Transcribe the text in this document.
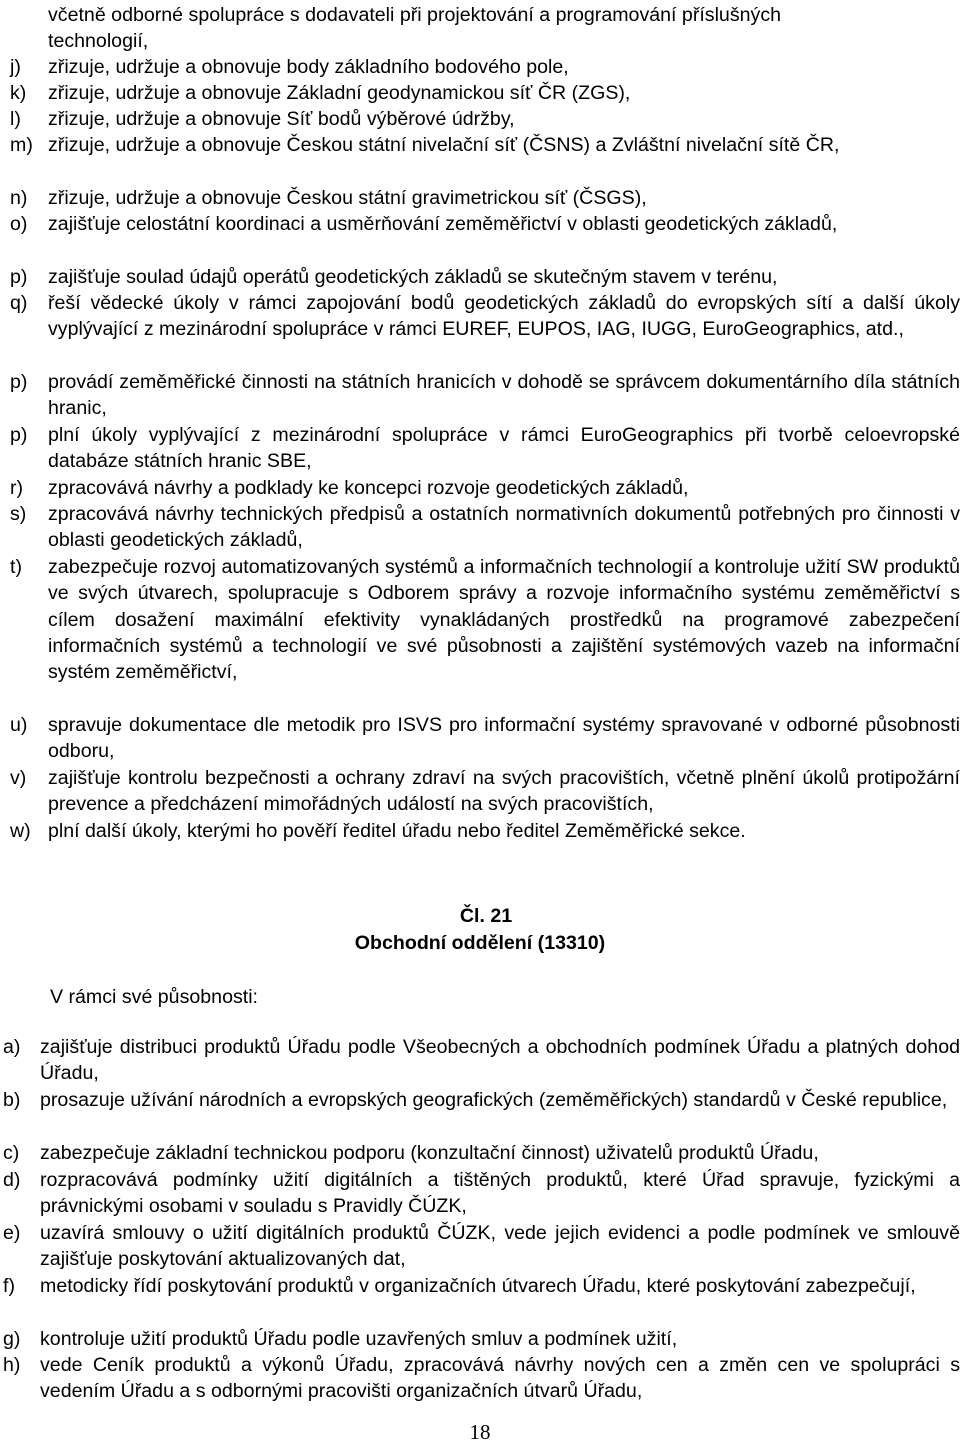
včetně odborné spolupráce s dodavateli při projektování a programování příslušných
technologií,
j) zřizuje, udržuje a obnovuje body základního bodového pole,
k) zřizuje, udržuje a obnovuje Základní geodynamickou síť ČR (ZGS),
l) zřizuje, udržuje a obnovuje Síť bodů výběrové údržby,
m) zřizuje, udržuje a obnovuje Českou státní nivelační síť (ČSNS) a Zvláštní nivelační sítě ČR,
n) zřizuje, udržuje a obnovuje Českou státní gravimetrickou síť (ČSGS),
o) zajišťuje celostátní koordinaci a usměrňování zeměměřictví v oblasti geodetických základů,
p) zajišťuje soulad údajů operátů geodetických základů se skutečným stavem v terénu,
q) řeší vědecké úkoly v rámci zapojování bodů geodetických základů do evropských sítí a další úkoly vyplývající z mezinárodní spolupráce v rámci EUREF, EUPOS, IAG, IUGG, EuroGeographics, atd.,
p) provádí zeměměřické činnosti na státních hranicích v dohodě se správcem dokumentárního díla státních hranic,
p) plní úkoly vyplývající z mezinárodní spolupráce v rámci EuroGeographics při tvorbě celoevropské databáze státních hranic SBE,
r) zpracovává návrhy a podklady ke koncepci rozvoje geodetických základů,
s) zpracovává návrhy technických předpisů a ostatních normativních dokumentů potřebných pro činnosti v oblasti geodetických základů,
t) zabezpečuje rozvoj automatizovaných systémů a informačních technologií a kontroluje užití SW produktů ve svých útvarech, spolupracuje s Odborem správy a rozvoje informačního systému zeměměřictví s cílem dosažení maximální efektivity vynakládaných prostředků na programové zabezpečení informačních systémů a technologií ve své působnosti a zajištění systémových vazeb na informační systém zeměměřictví,
u) spravuje dokumentace dle metodik pro ISVS pro informační systémy spravované v odborné působnosti odboru,
v) zajišťuje kontrolu bezpečnosti a ochrany zdraví na svých pracovištích, včetně plnění úkolů protipožární prevence a předcházení mimořádných událostí na svých pracovištích,
w) plní další úkoly, kterými ho pověří ředitel úřadu nebo ředitel Zeměměřické sekce.
Čl. 21
Obchodní oddělení (13310)
V rámci své působnosti:
a) zajišťuje distribuci produktů Úřadu podle Všeobecných a obchodních podmínek Úřadu a platných dohod Úřadu,
b) prosazuje užívání národních a evropských geografických (zeměměřických) standardů v České republice,
c) zabezpečuje základní technickou podporu (konzultační činnost) uživatelů produktů Úřadu,
d) rozpracovává podmínky užití digitálních a tištěných produktů, které Úřad spravuje, fyzickými a právnickými osobami v souladu s Pravidly ČÚZK,
e) uzavírá smlouvy o užití digitálních produktů ČÚZK, vede jejich evidenci a podle podmínek ve smlouvě zajišťuje poskytování aktualizovaných dat,
f) metodicky řídí poskytování produktů v organizačních útvarech Úřadu, které poskytování zabezpečují,
g) kontroluje užití produktů Úřadu podle uzavřených smluv a podmínek užití,
h) vede Ceník produktů a výkonů Úřadu, zpracovává návrhy nových cen a změn cen ve spolupráci s vedením Úřadu a s odbornými pracovišti organizačních útvarů Úřadu,
18
